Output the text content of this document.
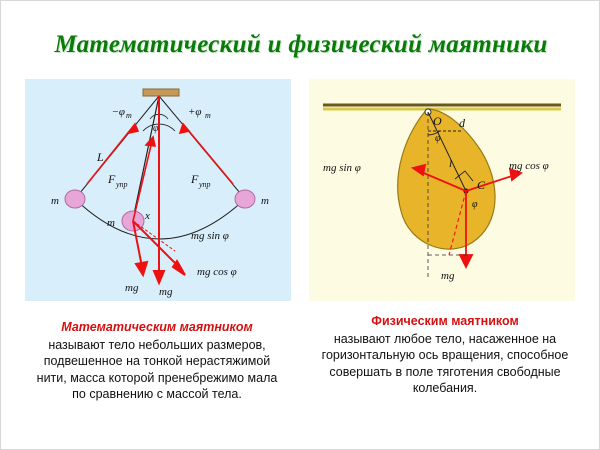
Математический и физический маятники
−φ m	+φ m
φ
L
F упр	F упр
m	m
m
x
mg sin φ
mg cos φ
mg mg
O
φ
d
l
C
φ
mg sin φ	mg cos φ
mg
Математическим маятником
называют тело небольших размеров, подвешенное на тонкой нерастяжимой нити, масса которой пренебрежимо мала по сравнению с массой тела.
Физическим маятником
называют любое тело, насаженное на горизонтальную ось вращения, способное совершать в поле тяготения свободные колебания.
